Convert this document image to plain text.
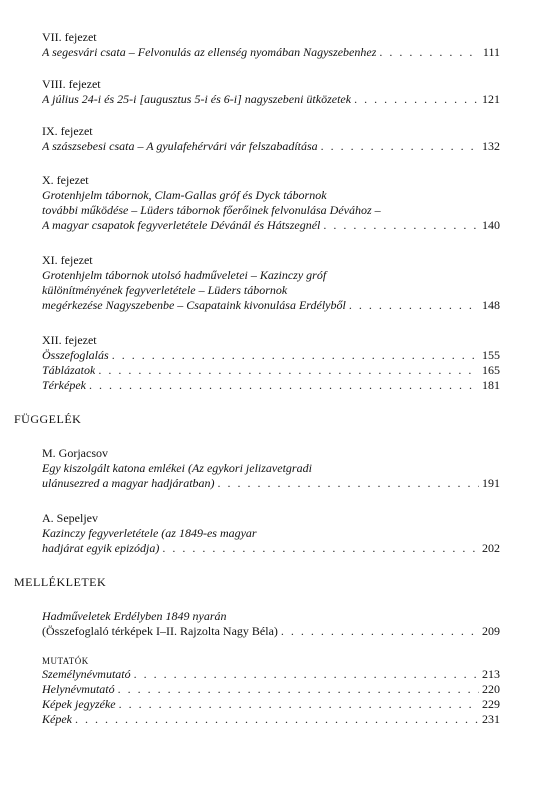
VII. fejezet
A segesvári csata – Felvonulás az ellenség nyomában Nagyszebenhez . . .	111
VIII. fejezet
A július 24-i és 25-i [augusztus 5-i és 6-i] nagyszebeni ütközetek . . .	121
IX. fejezet
A szászsebesi csata – A gyulafehérvári vár felszabadítása . . .	132
X. fejezet
Grotenhjelm tábornok, Clam-Gallas gróf és Dyck tábornok
további működése – Lüders tábornok főerőinek felvonulása Dévához –
A magyar csapatok fegyverletétele Dévánál és Hátszegnél . . .	140
XI. fejezet
Grotenhjelm tábornok utolsó hadműveletei – Kazinczy gróf
különítményének fegyverletétele – Lüders tábornok
megérkezése Nagyszebenbe – Csapataink kivonulása Erdélyből . . .	148
XII. fejezet
Összefoglalás . . .	155
Táblázatok . . .	165
Térképek . . .	181
FÜGGELÉK
M. Gorjacsov
Egy kiszolgált katona emlékei (Az egykori jelizavetgradi
ulánusezred a magyar hadjáratban) . . .	191
A. Sepeljev
Kazinczy fegyverletétele (az 1849-es magyar
hadjárat egyik epizódja) . . .	202
MELLÉKLETEK
Hadműveletek Erdélyben 1849 nyarán
(Összefoglaló térképek I–II. Rajzolta Nagy Béla) . . .	209
MUTATÓK
Személynévmutató . . .	213
Helynévmutató . . .	220
Képek jegyzéke . . .	229
Képek . . .	231
